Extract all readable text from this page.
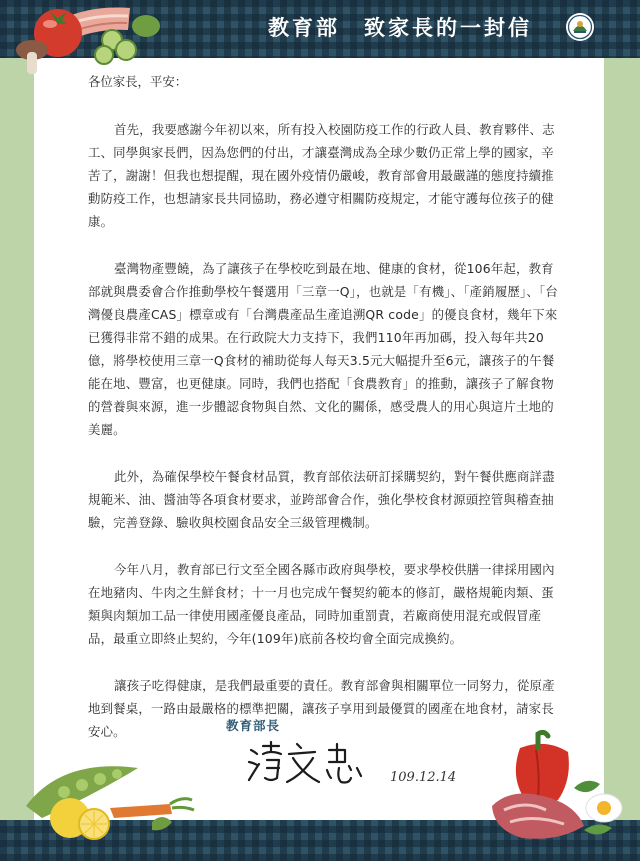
教育部　致家長的一封信

各位家長，平安：

首先，我要感謝今年初以來，所有投入校園防疫工作的行政人員、教育夥伴、志工、同學與家長們，因為您們的付出，才讓臺灣成為全球少數仍正常上學的國家，辛苦了，謝謝！但我也想提醒，現在國外疫情仍嚴峻，教育部會用最嚴謹的態度持續推動防疫工作，也想請家長共同協助，務必遵守相關防疫規定，才能守護每位孩子的健康。

臺灣物產豐饒，為了讓孩子在學校吃到最在地、健康的食材，從106年起，教育部就與農委會合作推動學校午餐選用「三章一Q」，也就是「有機」、「產銷履歷」、「台灣優良農產CAS」標章或有「台灣農產品生產追溯QR code」的優良食材，幾年下來已獲得非常不錯的成果。在行政院大力支持下，我們110年再加碼，投入每年共20億，將學校使用三章一Q食材的補助從每人每天3.5元大幅提升至6元，讓孩子的午餐能在地、豐富，也更健康。同時，我們也搭配「食農教育」的推動，讓孩子了解食物的營養與來源，進一步體認食物與自然、文化的關係，感受農人的用心與這片土地的美麗。

此外，為確保學校午餐食材品質，教育部依法研訂採購契約，對午餐供應商詳盡規範米、油、醬油等各項食材要求，並跨部會合作，強化學校食材源頭控管與稽查抽驗，完善登錄、驗收與校園食品安全三級管理機制。

今年八月，教育部已行文至全國各縣市政府與學校，要求學校供膳一律採用國內在地豬肉、牛肉之生鮮食材；十一月也完成午餐契約範本的修訂，嚴格規範肉類、蛋類與肉類加工品一律使用國產優良產品，同時加重罰責，若廠商使用混充或假冒產品，最重立即終止契約，今年(109年)底前各校均會全面完成換約。

讓孩子吃得健康，是我們最重要的責任。教育部會與相關單位一同努力，從原產地到餐桌，一路由最嚴格的標準把關，讓孩子享用到最優質的國產在地食材，請家長安心。	教育部長
109.12.14
